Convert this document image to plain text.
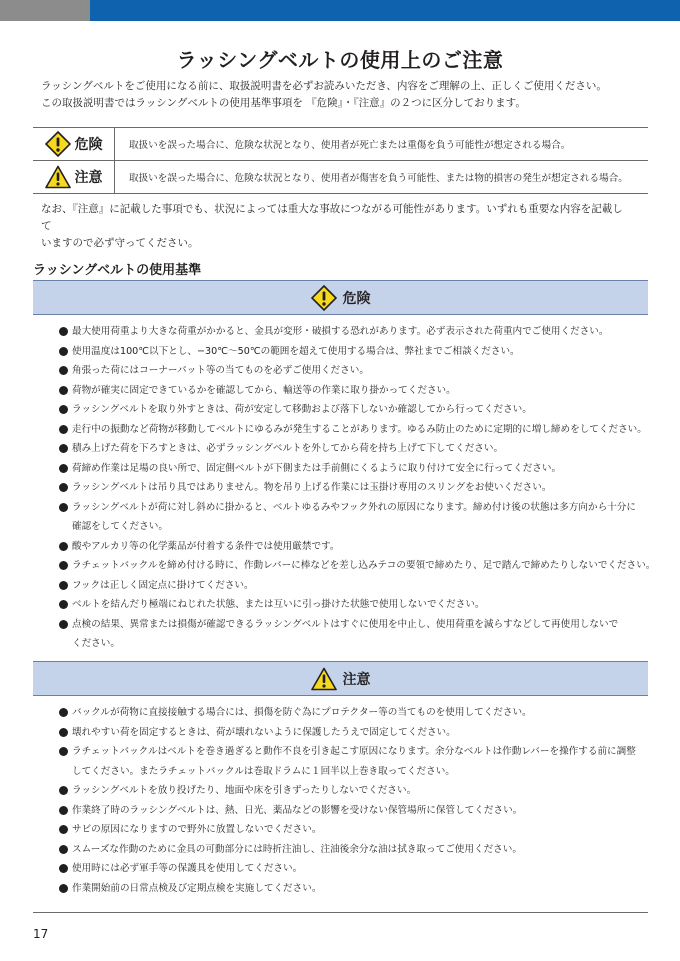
ラッシングベルトの使用上のご注意
ラッシングベルトをご使用になる前に、取扱説明書を必ずお読みいただき、内容をご理解の上、正しくご使用ください。
この取扱説明書ではラッシングベルトの使用基準事項を 『危険』・『注意』の２つに区分しております。
危険	取扱いを誤った場合に、危険な状況となり、使用者が死亡または重傷を負う可能性が想定される場合。
注意	取扱いを誤った場合に、危険な状況となり、使用者が傷害を負う可能性、または物的損害の発生が想定される場合。
なお、『注意』に記載した事項でも、状況によっては重大な事故につながる可能性があります。いずれも重要な内容を記載して
いますので必ず守ってください。
ラッシングベルトの使用基準
危険
最大使用荷重より大きな荷重がかかると、金具が変形・破損する恐れがあります。必ず表示された荷重内でご使用ください。
使用温度は100℃以下とし、−30℃〜50℃の範囲を超えて使用する場合は、弊社までご相談ください。
角張った荷にはコーナーパット等の当てものを必ずご使用ください。
荷物が確実に固定できているかを確認してから、輸送等の作業に取り掛かってください。
ラッシングベルトを取り外すときは、荷が安定して移動および落下しないか確認してから行ってください。
走行中の振動など荷物が移動してベルトにゆるみが発生することがあります。ゆるみ防止のために定期的に増し締めをしてください。
積み上げた荷を下ろすときは、必ずラッシングベルトを外してから荷を持ち上げて下してください。
荷締め作業は足場の良い所で、固定側ベルトが下側または手前側にくるように取り付けて安全に行ってください。
ラッシングベルトは吊り具ではありません。物を吊り上げる作業には玉掛け専用のスリングをお使いください。
ラッシングベルトが荷に対し斜めに掛かると、ベルトゆるみやフック外れの原因になります。締め付け後の状態は多方向から十分に
確認をしてください。
酸やアルカリ等の化学薬品が付着する条件では使用厳禁です。
ラチェットバックルを締め付ける時に、作動レバーに棒などを差し込みテコの要領で締めたり、足で踏んで締めたりしないでください。
フックは正しく固定点に掛けてください。
ベルトを結んだり極端にねじれた状態、または互いに引っ掛けた状態で使用しないでください。
点検の結果、異常または損傷が確認できるラッシングベルトはすぐに使用を中止し、使用荷重を減らすなどして再使用しないで
ください。
注意
バックルが荷物に直接接触する場合には、損傷を防ぐ為にプロテクター等の当てものを使用してください。
壊れやすい荷を固定するときは、荷が壊れないように保護したうえで固定してください。
ラチェットバックルはベルトを巻き過ぎると動作不良を引き起こす原因になります。余分なベルトは作動レバーを操作する前に調整
してください。またラチェットバックルは巻取ドラムに１回半以上巻き取ってください。
ラッシングベルトを放り投げたり、地面や床を引きずったりしないでください。
作業終了時のラッシングベルトは、熱、日光、薬品などの影響を受けない保管場所に保管してください。
サビの原因になりますので野外に放置しないでください。
スムーズな作動のために金具の可動部分には時折注油し、注油後余分な油は拭き取ってご使用ください。
使用時には必ず軍手等の保護具を使用してください。
作業開始前の日常点検及び定期点検を実施してください。
17
